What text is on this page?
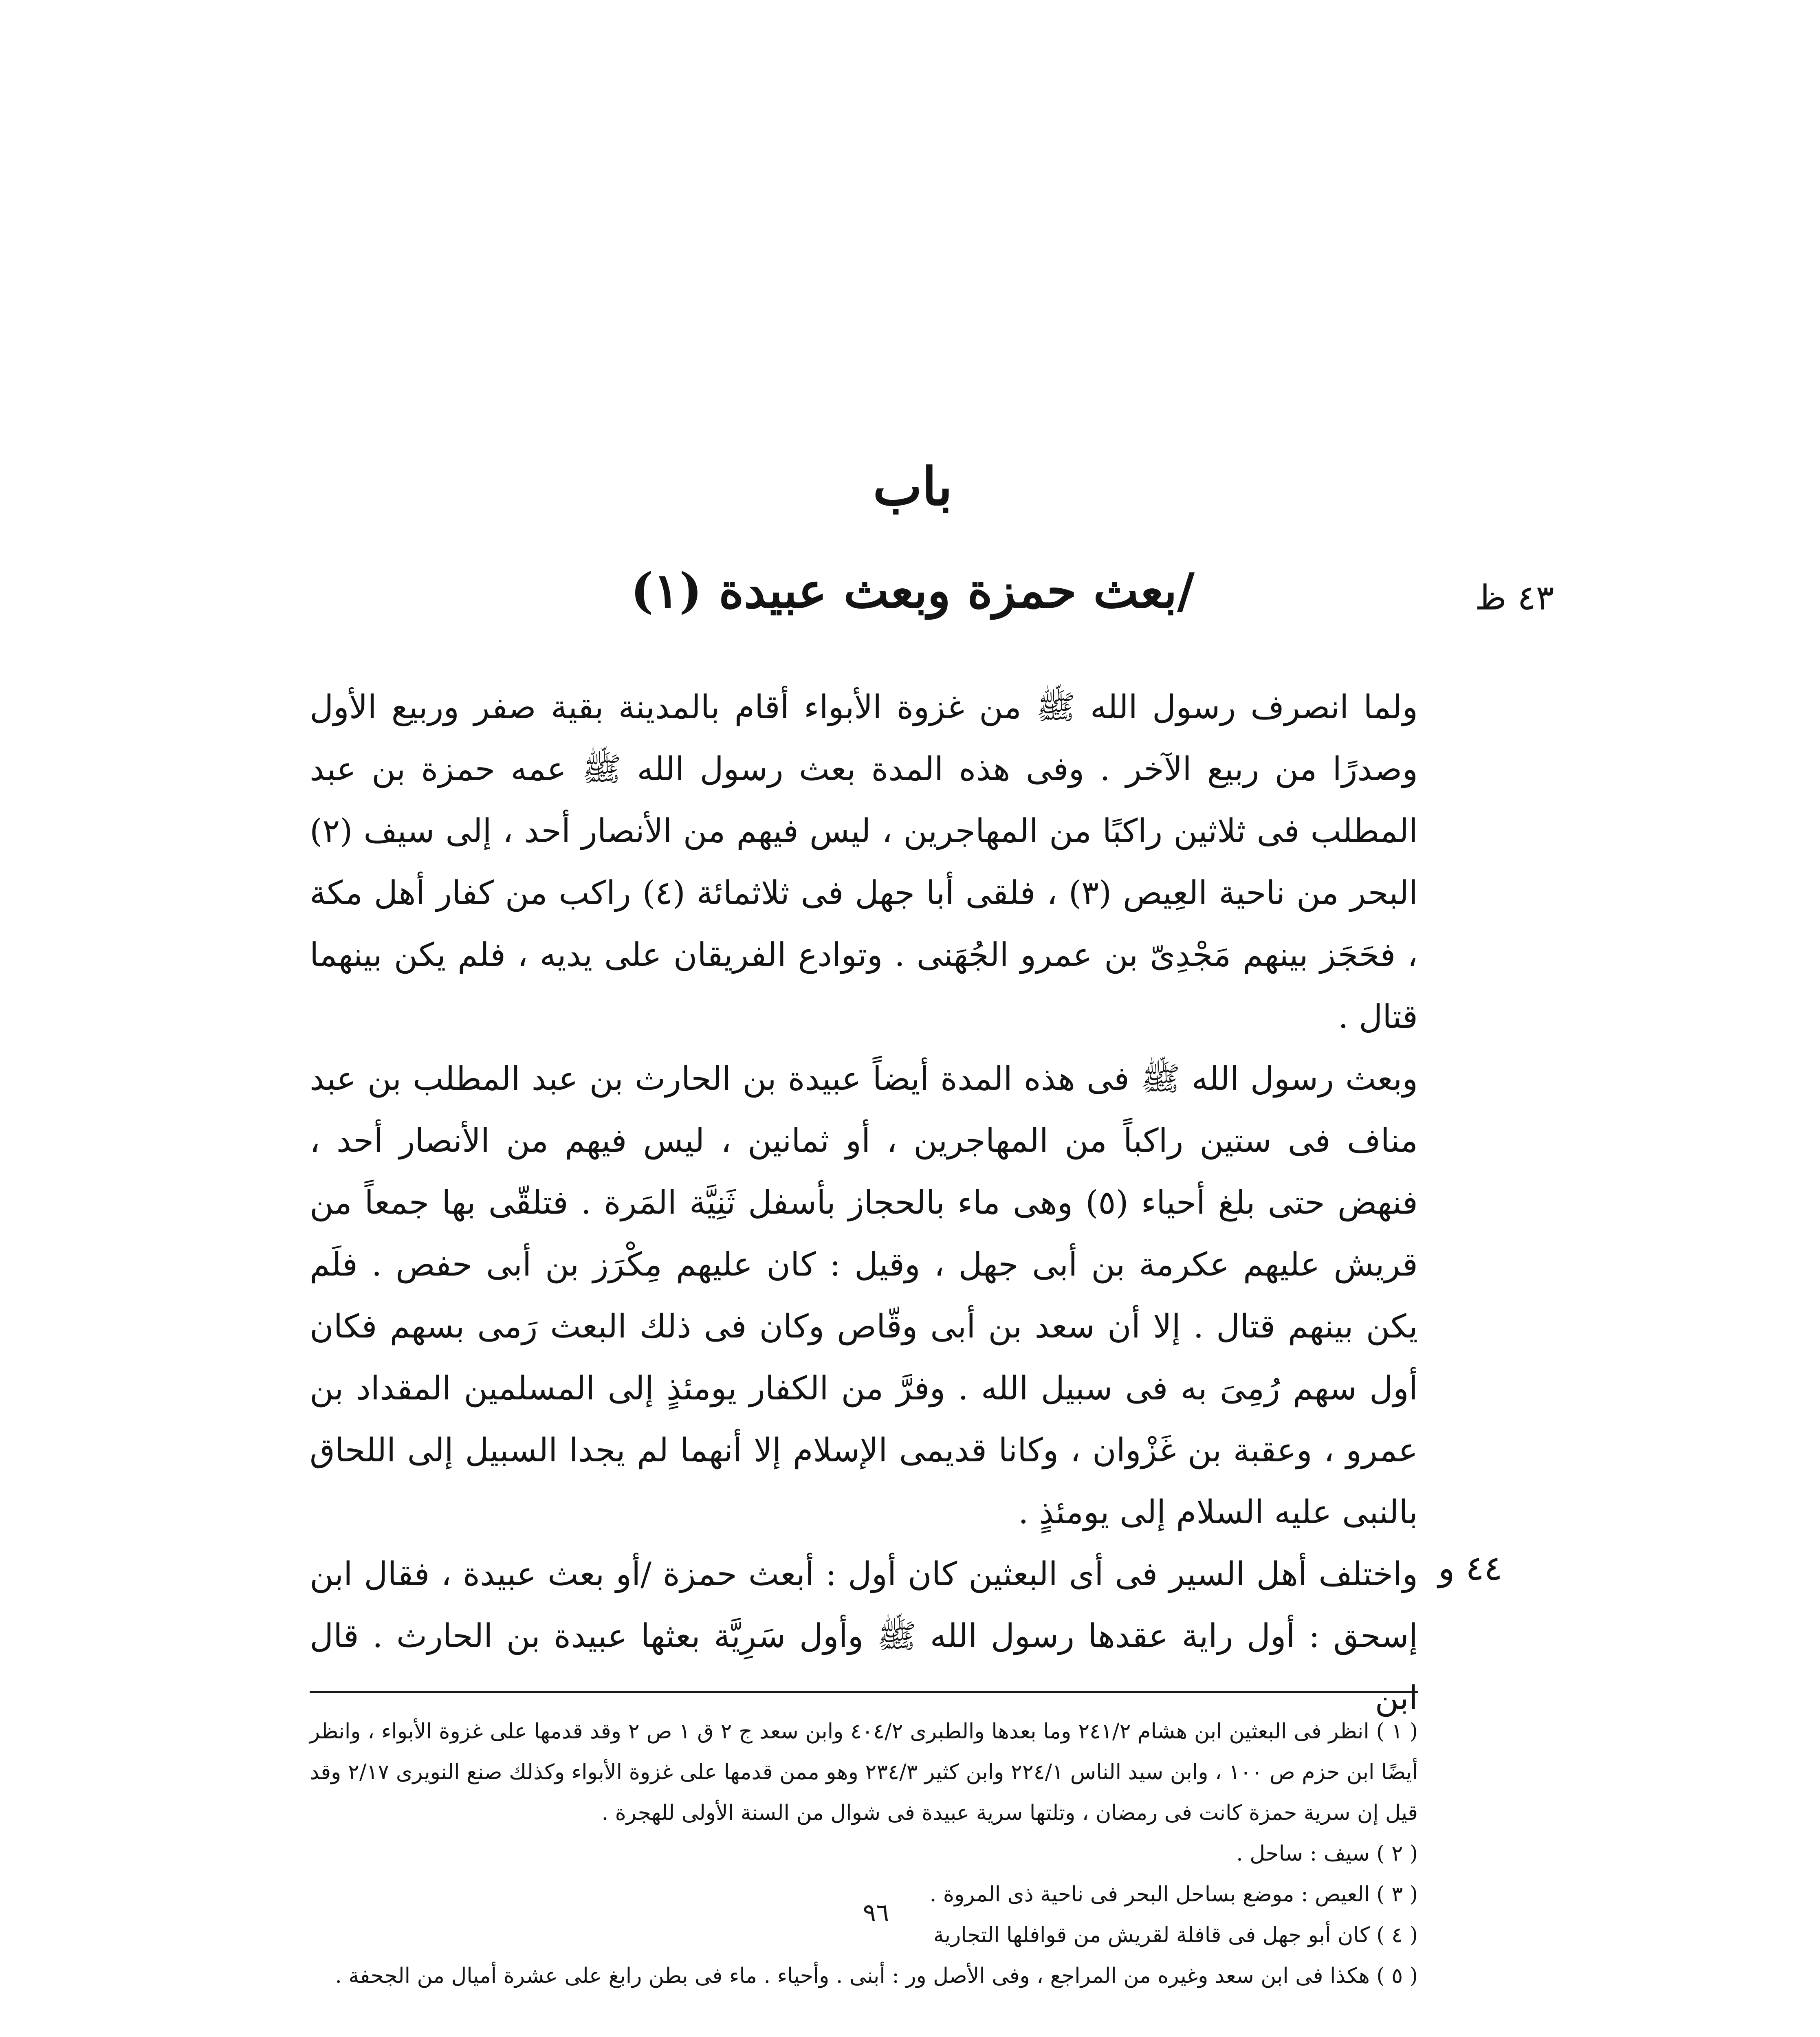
باب
/بعث حمزة وبعث عبيدة (١)	٤٣ ظ
٤٤ و

ولما انصرف رسول الله ﷺ من غزوة الأبواء أقام بالمدينة بقية صفر وربيع الأول وصدرًا من ربيع الآخر . وفى هذه المدة بعث رسول الله ﷺ عمه حمزة بن عبد المطلب فى ثلاثين راكبًا من المهاجرين ، ليس فيهم من الأنصار أحد ، إلى سيف (٢) البحر من ناحية العِيص (٣) ، فلقى أبا جهل فى ثلاثمائة (٤) راكب من كفار أهل مكة ، فحَجَز بينهم مَجْدِىّ بن عمرو الجُهَنى . وتوادع الفريقان على يديه ، فلم يكن بينهما قتال .

وبعث رسول الله ﷺ فى هذه المدة أيضاً عبيدة بن الحارث بن عبد المطلب بن عبد مناف فى ستين راكباً من المهاجرين ، أو ثمانين ، ليس فيهم من الأنصار أحد ، فنهض حتى بلغ أحياء (٥) وهى ماء بالحجاز بأسفل ثَنِيَّة المَرة . فتلقّى بها جمعاً من قريش عليهم عكرمة بن أبى جهل ، وقيل : كان عليهم مِكْرَز بن أبى حفص . فلَم يكن بينهم قتال . إلا أن سعد بن أبى وقّاص وكان فى ذلك البعث رَمى بسهم فكان أول سهم رُمِىَ به فى سبيل الله . وفرَّ من الكفار يومئذٍ إلى المسلمين المقداد بن عمرو ، وعقبة بن غَزْوان ، وكانا قديمى الإسلام إلا أنهما لم يجدا السبيل إلى اللحاق بالنبى عليه السلام إلى يومئذٍ .

واختلف أهل السير فى أى البعثين كان أول : أبعث حمزة /أو بعث عبيدة ، فقال ابن إسحق : أول راية عقدها رسول الله ﷺ وأول سَرِيَّة بعثها عبيدة بن الحارث . قال ابن

( ١ ) انظر فى البعثين ابن هشام ٢٤١/٢ وما بعدها والطبرى ٤٠٤/٢ وابن سعد ج ٢ ق ١ ص ٢ وقد قدمها على غزوة الأبواء ، وانظر أيضًا ابن حزم ص ١٠٠ ، وابن سيد الناس ٢٢٤/١ وابن كثير ٢٣٤/٣ وهو ممن قدمها على غزوة الأبواء وكذلك صنع النويرى ٢/١٧ وقد قيل إن سرية حمزة كانت فى رمضان ، وتلتها سرية عبيدة فى شوال من السنة الأولى للهجرة .

( ٢ ) سيف : ساحل .

( ٣ ) العيص : موضع بساحل البحر فى ناحية ذى المروة .

( ٤ ) كان أبو جهل فى قافلة لقريش من قوافلها التجارية

( ٥ ) هكذا فى ابن سعد وغيره من المراجع ، وفى الأصل ور : أبنى . وأحياء . ماء فى بطن رابغ على عشرة أميال من الجحفة .

٩٦
